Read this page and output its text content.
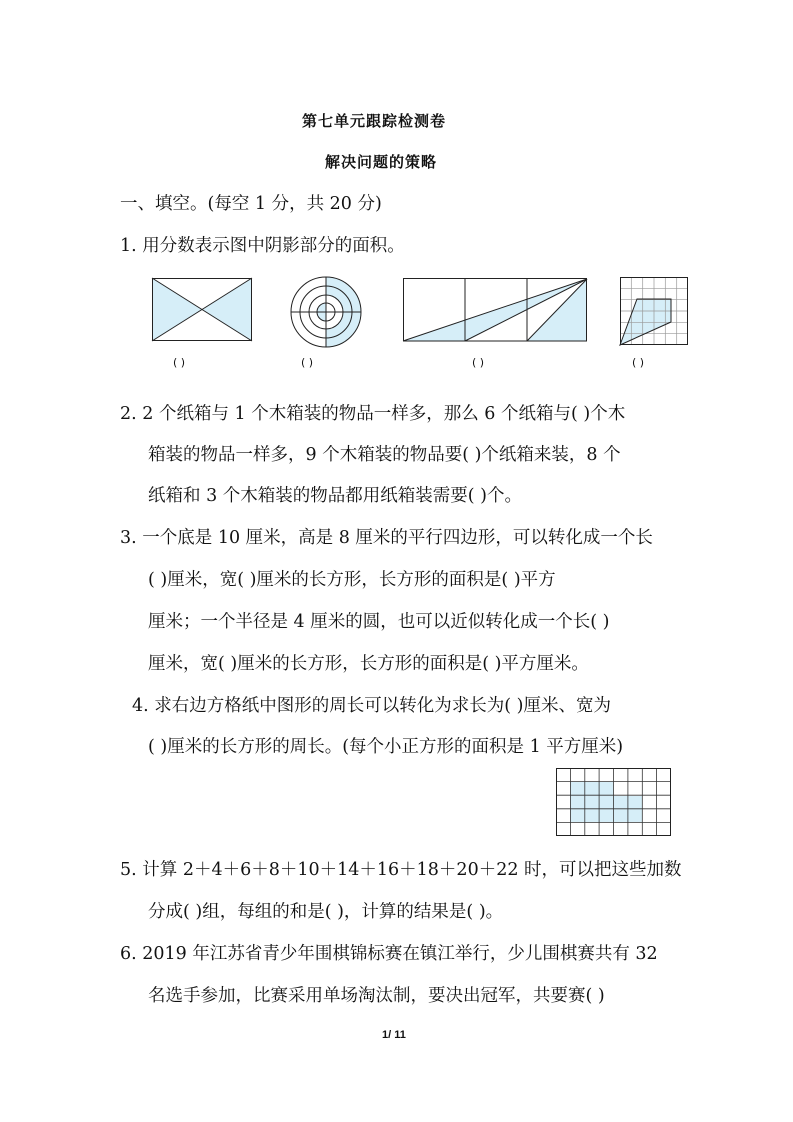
第七单元跟踪检测卷
解决问题的策略
一、填空。(每空 1 分，共 20 分)
1. 用分数表示图中阴影部分的面积。
( )	( )	( )	( )
2. 2 个纸箱与 1 个木箱装的物品一样多，那么 6 个纸箱与( )个木
箱装的物品一样多，9 个木箱装的物品要( )个纸箱来装，8 个
纸箱和 3 个木箱装的物品都用纸箱装需要( )个。
3. 一个底是 10 厘米，高是 8 厘米的平行四边形，可以转化成一个长
( )厘米，宽( )厘米的长方形，长方形的面积是( )平方
厘米；一个半径是 4 厘米的圆，也可以近似转化成一个长( )
厘米，宽( )厘米的长方形，长方形的面积是( )平方厘米。
4. 求右边方格纸中图形的周长可以转化为求长为( )厘米、宽为
( )厘米的长方形的周长。(每个小正方形的面积是 1 平方厘米)
5. 计算 2＋4＋6＋8＋10＋14＋16＋18＋20＋22 时，可以把这些加数
分成( )组，每组的和是( )，计算的结果是( )。
6. 2019 年江苏省青少年围棋锦标赛在镇江举行，少儿围棋赛共有 32
名选手参加，比赛采用单场淘汰制，要决出冠军，共要赛( )
1/ 11
